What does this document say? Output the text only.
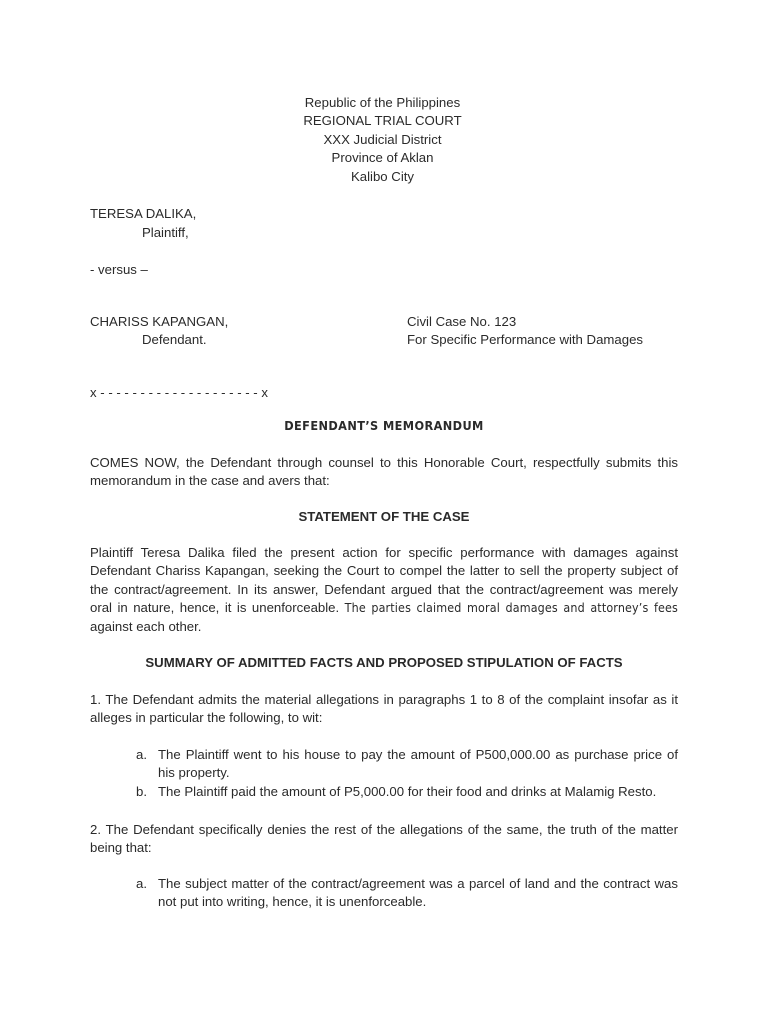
Republic of the Philippines
REGIONAL TRIAL COURT
XXX Judicial District
Province of Aklan
Kalibo City
TERESA DALIKA,
Plaintiff,
- versus –
CHARISS KAPANGAN,
Defendant.
Civil Case No. 123
For Specific Performance with Damages
x - - - - - - - - - - - - - - - - - - - - x
DEFENDANT’S MEMORANDUM
COMES NOW, the Defendant through counsel to this Honorable Court, respectfully submits this memorandum in the case and avers that:
STATEMENT OF THE CASE
Plaintiff Teresa Dalika filed the present action for specific performance with damages against Defendant Chariss Kapangan, seeking the Court to compel the latter to sell the property subject of the contract/agreement. In its answer, Defendant argued that the contract/agreement was merely oral in nature, hence, it is unenforceable. The parties claimed moral damages and attorney’s fees against each other.
SUMMARY OF ADMITTED FACTS AND PROPOSED STIPULATION OF FACTS
1. The Defendant admits the material allegations in paragraphs 1 to 8 of the complaint insofar as it alleges in particular the following, to wit:
a. The Plaintiff went to his house to pay the amount of P500,000.00 as purchase price of his property.
b. The Plaintiff paid the amount of P5,000.00 for their food and drinks at Malamig Resto.
2. The Defendant specifically denies the rest of the allegations of the same, the truth of the matter being that:
a. The subject matter of the contract/agreement was a parcel of land and the contract was not put into writing, hence, it is unenforceable.
